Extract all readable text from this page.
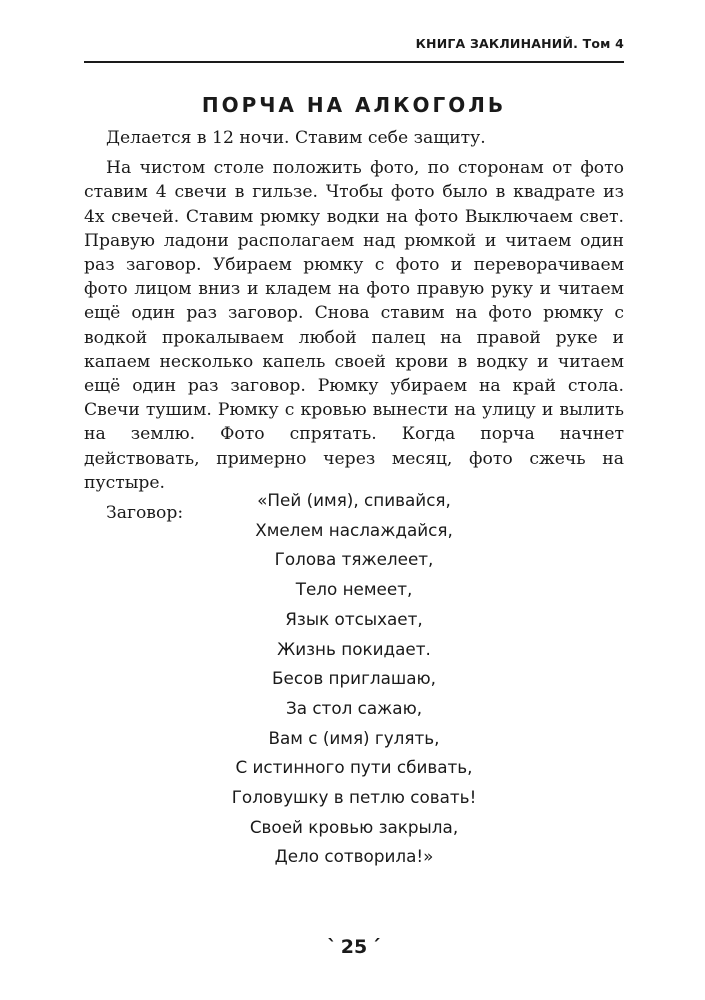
КНИГА ЗАКЛИНАНИЙ. Том 4
ПОРЧА НА АЛКОГОЛЬ

Делается в 12 ночи. Ставим себе защиту.

На чистом столе положить фото, по сторонам от фото ставим 4 свечи в гильзе. Чтобы фото было в квадрате из 4х свечей. Ставим рюмку водки на фото Выключаем свет. Правую ладони располагаем над рюмкой и читаем один раз заговор. Убираем рюмку с фото и переворачиваем фото лицом вниз и кладем на фото правую руку и читаем ещё один раз заговор. Снова ставим на фото рюмку с водкой прокалываем любой палец на правой руке и капаем несколько капель своей крови в водку и читаем ещё один раз заговор. Рюмку убираем на край стола. Свечи тушим. Рюмку с кровью вынести на улицу и вылить на землю. Фото спрятать. Когда порча начнет действовать, примерно через месяц, фото сжечь на пустыре.

Заговор:

«Пей (имя), спивайся,
Хмелем наслаждайся,
Голова тяжелеет,
Тело немеет,
Язык отсыхает,
Жизнь покидает.
Бесов приглашаю,
За стол сажаю,
Вам с (имя) гулять,
С истинного пути сбивать,
Головушку в петлю совать!
Своей кровью закрыла,
Дело сотворила!»
` 25 ´
